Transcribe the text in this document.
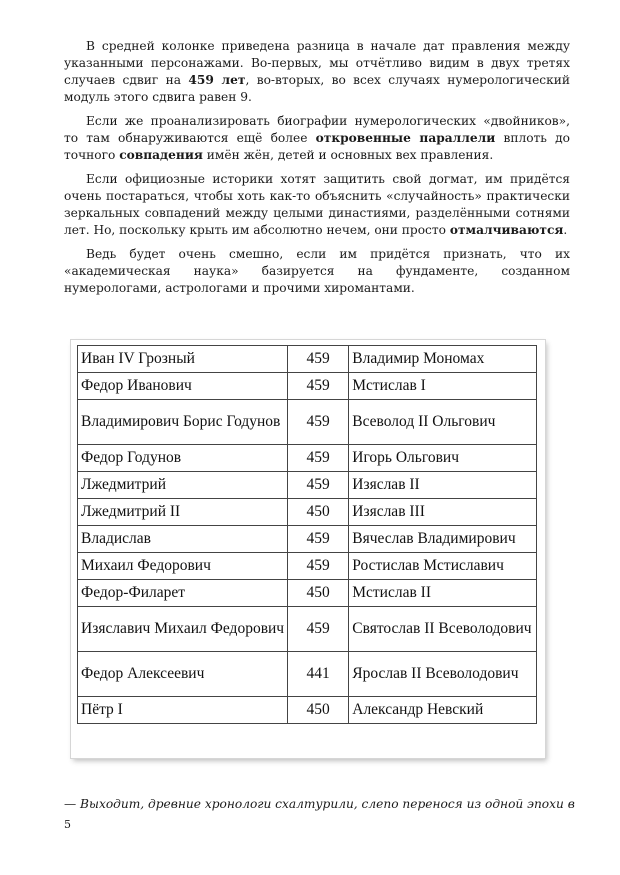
В средней колонке приведена разница в начале дат правления между указанными персонажами. Во-первых, мы отчётливо видим в двух третях случаев сдвиг на 459 лет, во-вторых, во всех случаях нумерологический модуль этого сдвига равен 9.

Если же проанализировать биографии нумерологических «двойников», то там обнаруживаются ещё более откровенные параллели вплоть до точного совпадения имён жён, детей и основных вех правления.

Если официозные историки хотят защитить свой догмат, им придётся очень постараться, чтобы хоть как-то объяснить «случайность» практически зеркальных совпадений между целыми династиями, разделёнными сотнями лет. Но, поскольку крыть им абсолютно нечем, они просто отмалчиваются.

Ведь будет очень смешно, если им придётся признать, что их «академическая наука» базируется на фундаменте, созданном нумерологами, астрологами и прочими хиромантами.

Иван IV Грозный	459	Владимир Мономах
Федор Иванович	459	Мстислав I
Владимирович Борис Годунов	459	Всеволод II Ольгович
Федор Годунов	459	Игорь Ольгович
Лжедмитрий	459	Изяслав II
Лжедмитрий II	450	Изяслав III
Владислав	459	Вячеслав Владимирович
Михаил Федорович	459	Ростислав Мстиславич
Федор-Филарет	450	Мстислав II
Изяславич Михаил Федорович	459	Святослав II Всеволодович
Федор Алексеевич	441	Ярослав II Всеволодович
Пётр I	450	Александр Невский
— Выходит, древние хронологи схалтурили, слепо перенося из одной эпохи в
5
